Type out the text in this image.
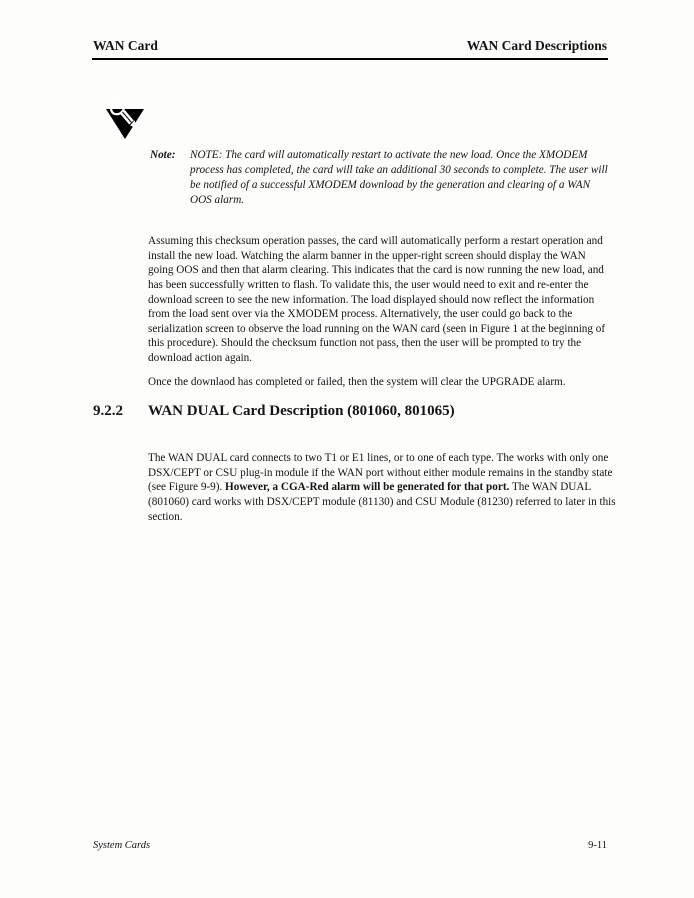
WAN Card	WAN Card Descriptions
Note:	NOTE: The card will automatically restart to activate the new load. Once the XMODEM process has completed, the card will take an additional 30 seconds to complete. The user will be notified of a successful XMODEM download by the generation and clearing of a WAN OOS alarm.

Assuming this checksum operation passes, the card will automatically perform a restart operation and install the new load. Watching the alarm banner in the upper-right screen should display the WAN going OOS and then that alarm clearing. This indicates that the card is now running the new load, and has been successfully written to flash. To validate this, the user would need to exit and re-enter the download screen to see the new information. The load displayed should now reflect the information from the load sent over via the XMODEM process. Alternatively, the user could go back to the serialization screen to observe the load running on the WAN card (seen in Figure 1 at the beginning of this procedure). Should the checksum function not pass, then the user will be prompted to try the download action again.

Once the downlaod has completed or failed, then the system will clear the UPGRADE alarm.

9.2.2	WAN DUAL Card Description (801060, 801065)

The WAN DUAL card connects to two T1 or E1 lines, or to one of each type. The works with only one DSX/CEPT or CSU plug-in module if the WAN port without either module remains in the standby state (see Figure 9-9). However, a CGA-Red alarm will be generated for that port. The WAN DUAL (801060) card works with DSX/CEPT module (81130) and CSU Module (81230) referred to later in this section.

System Cards	9-11
